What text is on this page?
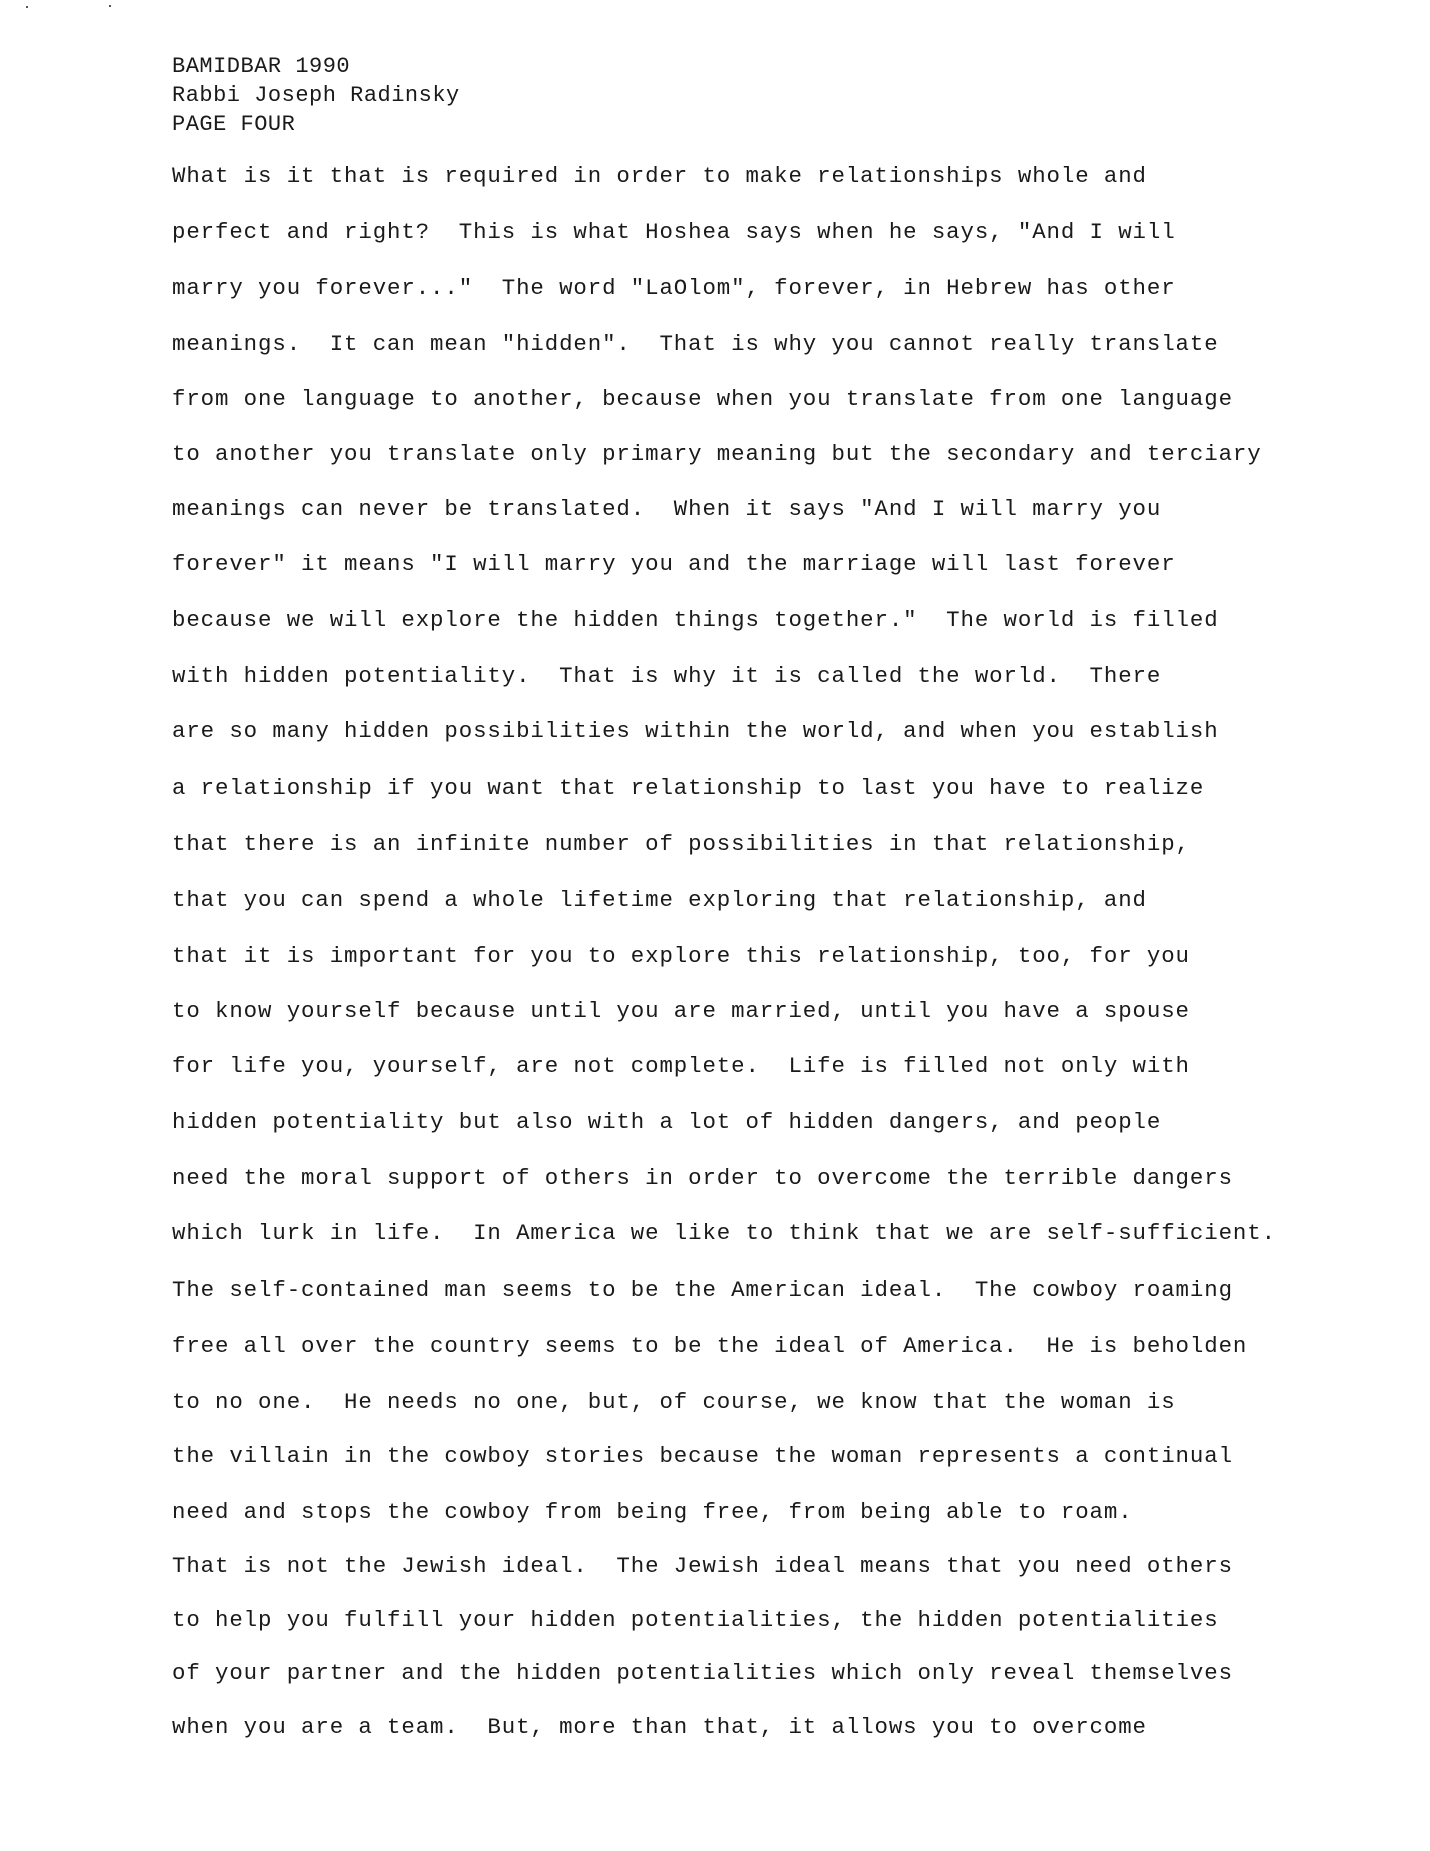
BAMIDBAR 1990
Rabbi Joseph Radinsky
PAGE FOUR
What is it that is required in order to make relationships whole and
perfect and right?  This is what Hoshea says when he says, "And I will
marry you forever..."  The word "LaOlom", forever, in Hebrew has other
meanings.  It can mean "hidden".  That is why you cannot really translate
from one language to another, because when you translate from one language
to another you translate only primary meaning but the secondary and terciary
meanings can never be translated.  When it says "And I will marry you
forever" it means "I will marry you and the marriage will last forever
because we will explore the hidden things together."  The world is filled
with hidden potentiality.  That is why it is called the world.  There
are so many hidden possibilities within the world, and when you establish
a relationship if you want that relationship to last you have to realize
that there is an infinite number of possibilities in that relationship,
that you can spend a whole lifetime exploring that relationship, and
that it is important for you to explore this relationship, too, for you
to know yourself because until you are married, until you have a spouse
for life you, yourself, are not complete.  Life is filled not only with
hidden potentiality but also with a lot of hidden dangers, and people
need the moral support of others in order to overcome the terrible dangers
which lurk in life.  In America we like to think that we are self-sufficient.
The self-contained man seems to be the American ideal.  The cowboy roaming
free all over the country seems to be the ideal of America.  He is beholden
to no one.  He needs no one, but, of course, we know that the woman is
the villain in the cowboy stories because the woman represents a continual
need and stops the cowboy from being free, from being able to roam.
That is not the Jewish ideal.  The Jewish ideal means that you need others
to help you fulfill your hidden potentialities, the hidden potentialities
of your partner and the hidden potentialities which only reveal themselves
when you are a team.  But, more than that, it allows you to overcome
